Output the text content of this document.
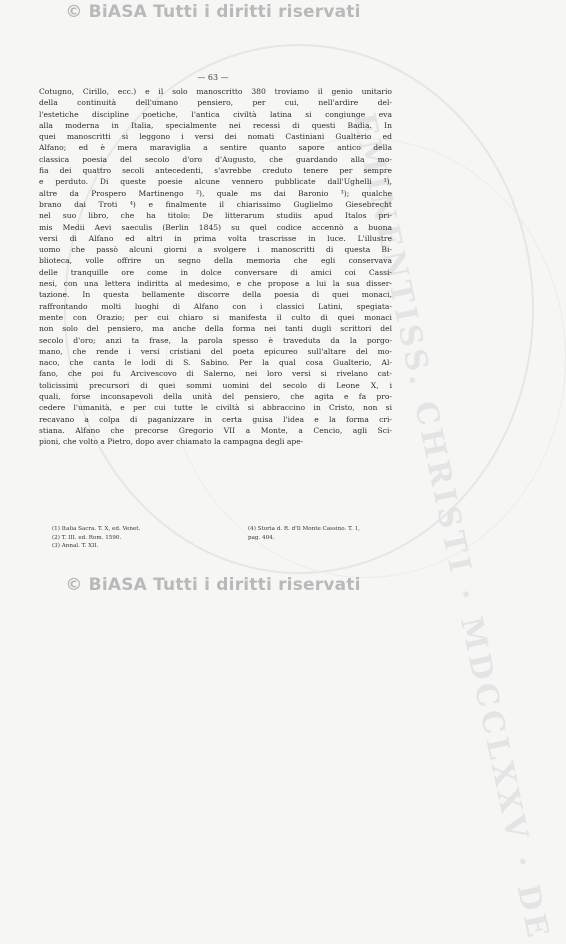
EMINENTISS. CHRISTI · MDCCLXXV · DE
© BiASA Tutti i diritti riservati
— 63 —
Cotugno, Cirillo, ecc.) e il solo manoscritto 380 troviamo il genio unitario
della continuità dell'umano pensiero, per cui, nell'ardire del-
l'estetiche discipline poetiche, l'antica civiltà latina si congiunge eva
alla moderna in Italia, specialmente nei recessi di questi Badia. In
quei manoscritti si leggono i versi dei nomati Castiniani Gualterio ed
Alfano; ed è mera maraviglia a sentire quanto sapore antico della
classica poesia del secolo d'oro d'Augusto, che guardando alla mo-
fia dei quattro secoli antecedenti, s'avrebbe creduto tenere per sempre
e perduto. Di queste poesie alcune vennero pubblicate dall'Ughelli ¹),
altre da Prospero Martinengo ²), quale ms dai Baronio ³); qualche
brano dai Troti ⁴) e finalmente il chiarissimo Guglielmo Giesebrecht
nel suo libro, che ha titolo: De litterarum studiis apud Italos pri-
mis Medii Aevi saeculis (Berlin 1845) su quel codice accennò a buona
versi di Alfano ed altri in prima volta trascrisse in luce. L'illustre
uomo che passò alcuni giorni a svolgere i manoscritti di questa Bi-
blioteca, volle offrire un segno della memoria che egli conservava
delle tranquille ore come in dolce conversare di amici coi Cassi-
nesi, con una lettera indiritta al medesimo, e che propose a lui la sua disser-
tazione. In questa bellamente discorre della poesia di quei monaci,
raffrontando molti luoghi di Alfano con i classici Latini, spegiata-
mente con Orazio; per cui chiaro si manifesta il culto di quei monaci
non solo del pensiero, ma anche della forma nei tanti dugli scrittori del
secolo d'oro; anzi ta frase, la parola spesso è traveduta da la porgo-
mano, che rende i versi cristiani del poeta epicureo sull'altare del mo-
naco, che canta le lodi di S. Sabino. Per la qual cosa Gualterio, Al-
fano, che poi fu Arcivescovo di Salerno, nei loro versi si rivelano cat-
tolicissimi precursori di quei sommi uomini del secolo di Leone X, i
quali, forse inconsapevoli della unità del pensiero, che agita e fa pro-
cedere l'umanità, e per cui tutte le civiltà si abbraccino in Cristo, non si
recavano a colpa di paganizzare in certa guisa l'idea e la forma cri-
stiana. Alfano che precorse Gregorio VII a Monte, a Cencio, agli Sci-
pioni, che volto a Pietro, dopo aver chiamato la campagna degli ape-
(1) Italia Sacra. T. X, ed. Venet.
(2) T. III. ed. Rom. 1590.
(3) Annal. T. XII.
(4) Storia d. R. d'Il Monte Cassino. T. 1,
pag. 404.
© BiASA Tutti i diritti riservati
